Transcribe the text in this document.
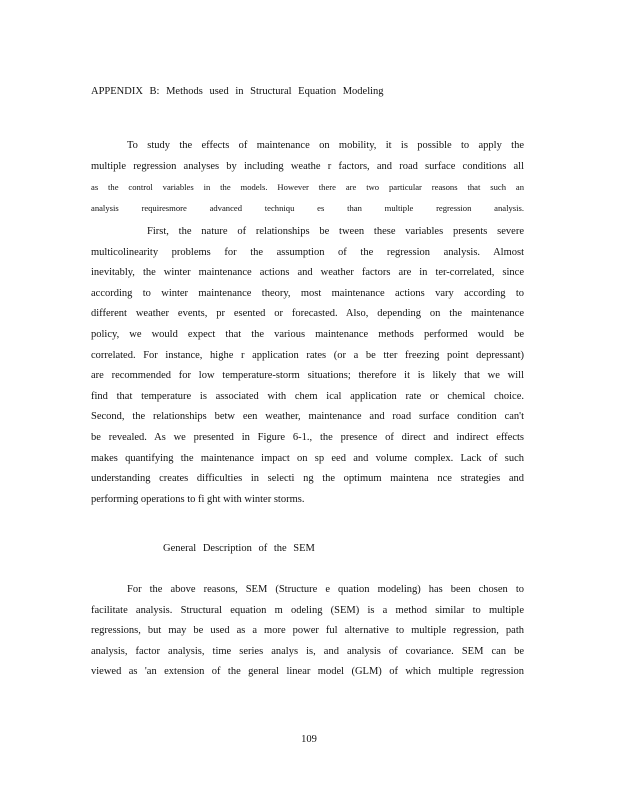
APPENDIX B: Methods used in Structural Equation Modeling
To study the effects of maintenance on mobility, it is possible to apply the
multiple regression analyses by including weathe r factors, and road surface conditions all
as the control variables in the models. However there are two particular reasons that such an
analysis requiresmore advanced techniqu es than multiple regression analysis.
First, the nature of relationships be tween these variables presents severe
multicolinearity problems for the assumption of the regression analysis. Almost
inevitably, the winter maintenance actions and weather factors are in ter-correlated, since
according to winter maintenance theory, most maintenance actions vary according to
different weather events, pr esented or forecasted. Also, depending on the maintenance
policy, we would expect that the various maintenance methods performed would be
correlated. For instance, highe r application rates (or a be tter freezing point depressant)
are recommended for low temperature-storm situations; therefore it is likely that we will
find that temperature is associated with chem ical application rate or chemical choice.
Second, the relationships betw een weather, maintenance and road surface condition can't
be revealed. As we presented in Figure 6-1., the presence of direct and indirect effects
makes quantifying the maintenance impact on sp eed and volume complex. Lack of such
understanding creates difficulties in selecti ng the optimum maintena nce strategies and
performing operations to fi ght with winter storms.
General Description of the SEM
For the above reasons, SEM (Structure e quation modeling) has been chosen to
facilitate analysis. Structural equation m odeling (SEM) is a method similar to multiple
regressions, but may be used as a more power ful alternative to multiple regression, path
analysis, factor analysis, time series analys is, and analysis of covariance. SEM can be
viewed as 'an extension of the general linear model (GLM) of which multiple regression
109
